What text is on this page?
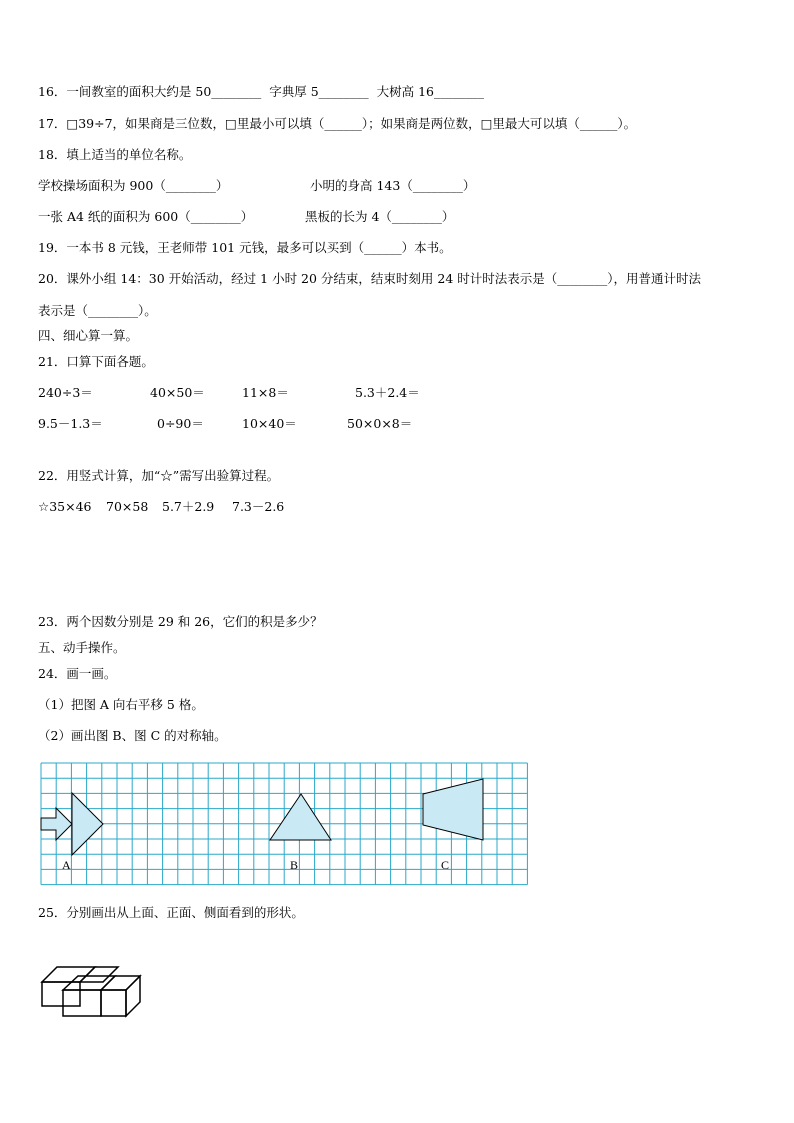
16．一间教室的面积大约是 50________  字典厚 5________  大树高 16________
17．□39÷7，如果商是三位数，□里最小可以填（______）；如果商是两位数，□里最大可以填（______）。
18．填上适当的单位名称。
学校操场面积为 900（________）	小明的身高 143（________）
一张 A4 纸的面积为 600（________）	黑板的长为 4（________）
19．一本书 8 元钱，王老师带 101 元钱，最多可以买到（______）本书。
20．课外小组 14：30 开始活动，经过 1 小时 20 分结束，结束时刻用 24 时计时法表示是（________），用普通计时法
表示是（________）。
四、细心算一算。
21．口算下面各题。
240÷3＝	40×50＝	11×8＝	5.3＋2.4＝
9.5－1.3＝	0÷90＝	10×40＝	50×0×8＝
22．用竖式计算，加“☆”需写出验算过程。
☆35×46 70×58 5.7＋2.9 7.3－2.6
23．两个因数分别是 29 和 26，它们的积是多少？
五、动手操作。
24．画一画。
（1）把图 A 向右平移 5 格。
（2）画出图 B、图 C 的对称轴。
A	B	C
25．分别画出从上面、正面、侧面看到的形状。
